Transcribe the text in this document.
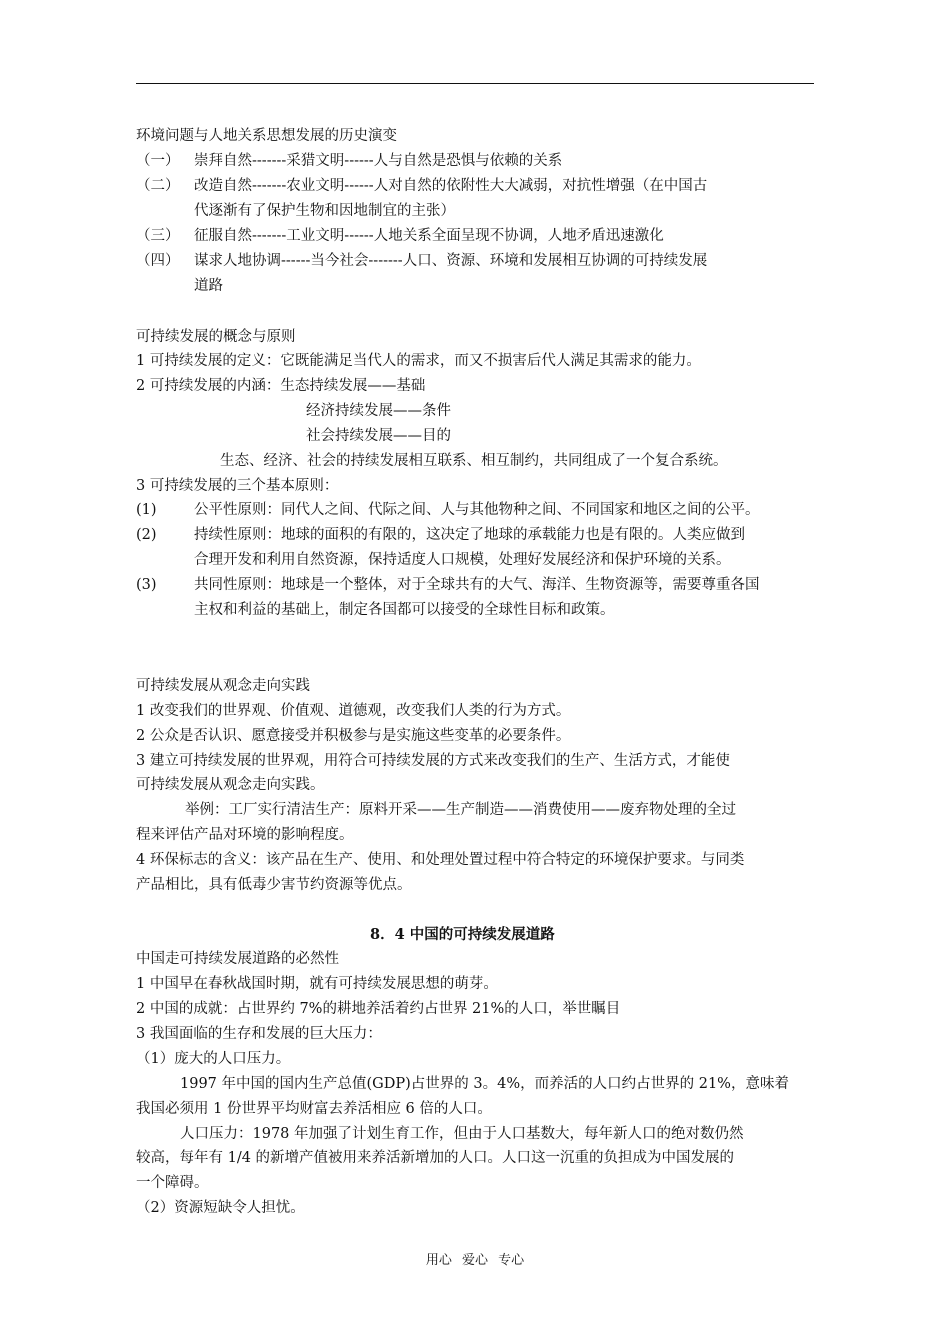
环境问题与人地关系思想发展的历史演变
（一） 崇拜自然-------采猎文明------人与自然是恐惧与依赖的关系
（二） 改造自然-------农业文明------人对自然的依附性大大减弱，对抗性增强（在中国古
代逐渐有了保护生物和因地制宜的主张）
（三） 征服自然-------工业文明------人地关系全面呈现不协调，人地矛盾迅速激化
（四） 谋求人地协调------当今社会-------人口、资源、环境和发展相互协调的可持续发展
道路
可持续发展的概念与原则
1 可持续发展的定义：它既能满足当代人的需求，而又不损害后代人满足其需求的能力。
2 可持续发展的内涵：生态持续发展——基础
经济持续发展——条件
社会持续发展——目的
生态、经济、社会的持续发展相互联系、相互制约，共同组成了一个复合系统。
3 可持续发展的三个基本原则：
(1)	公平性原则：同代人之间、代际之间、人与其他物种之间、不同国家和地区之间的公平。
(2)	持续性原则：地球的面积的有限的，这决定了地球的承载能力也是有限的。人类应做到
合理开发和利用自然资源，保持适度人口规模，处理好发展经济和保护环境的关系。
(3)	共同性原则：地球是一个整体，对于全球共有的大气、海洋、生物资源等，需要尊重各国
主权和利益的基础上，制定各国都可以接受的全球性目标和政策。
可持续发展从观念走向实践
1 改变我们的世界观、价值观、道德观，改变我们人类的行为方式。
2 公众是否认识、愿意接受并积极参与是实施这些变革的必要条件。
3 建立可持续发展的世界观，用符合可持续发展的方式来改变我们的生产、生活方式，才能使
可持续发展从观念走向实践。
举例：工厂实行清洁生产：原料开采——生产制造——消费使用——废弃物处理的全过
程来评估产品对环境的影响程度。
4 环保标志的含义：该产品在生产、使用、和处理处置过程中符合特定的环境保护要求。与同类
产品相比，具有低毒少害节约资源等优点。
8．4 中国的可持续发展道路
中国走可持续发展道路的必然性
1 中国早在春秋战国时期，就有可持续发展思想的萌芽。
2 中国的成就：占世界约 7%的耕地养活着约占世界 21%的人口，举世瞩目
3 我国面临的生存和发展的巨大压力：
（1）庞大的人口压力。
1997 年中国的国内生产总值(GDP)占世界的 3。4%，而养活的人口约占世界的 21%，意味着
我国必须用 1 份世界平均财富去养活相应 6 倍的人口。
人口压力：1978 年加强了计划生育工作，但由于人口基数大，每年新人口的绝对数仍然
较高，每年有 1/4 的新增产值被用来养活新增加的人口。人口这一沉重的负担成为中国发展的
一个障碍。
（2）资源短缺令人担忧。
用心 爱心 专心
